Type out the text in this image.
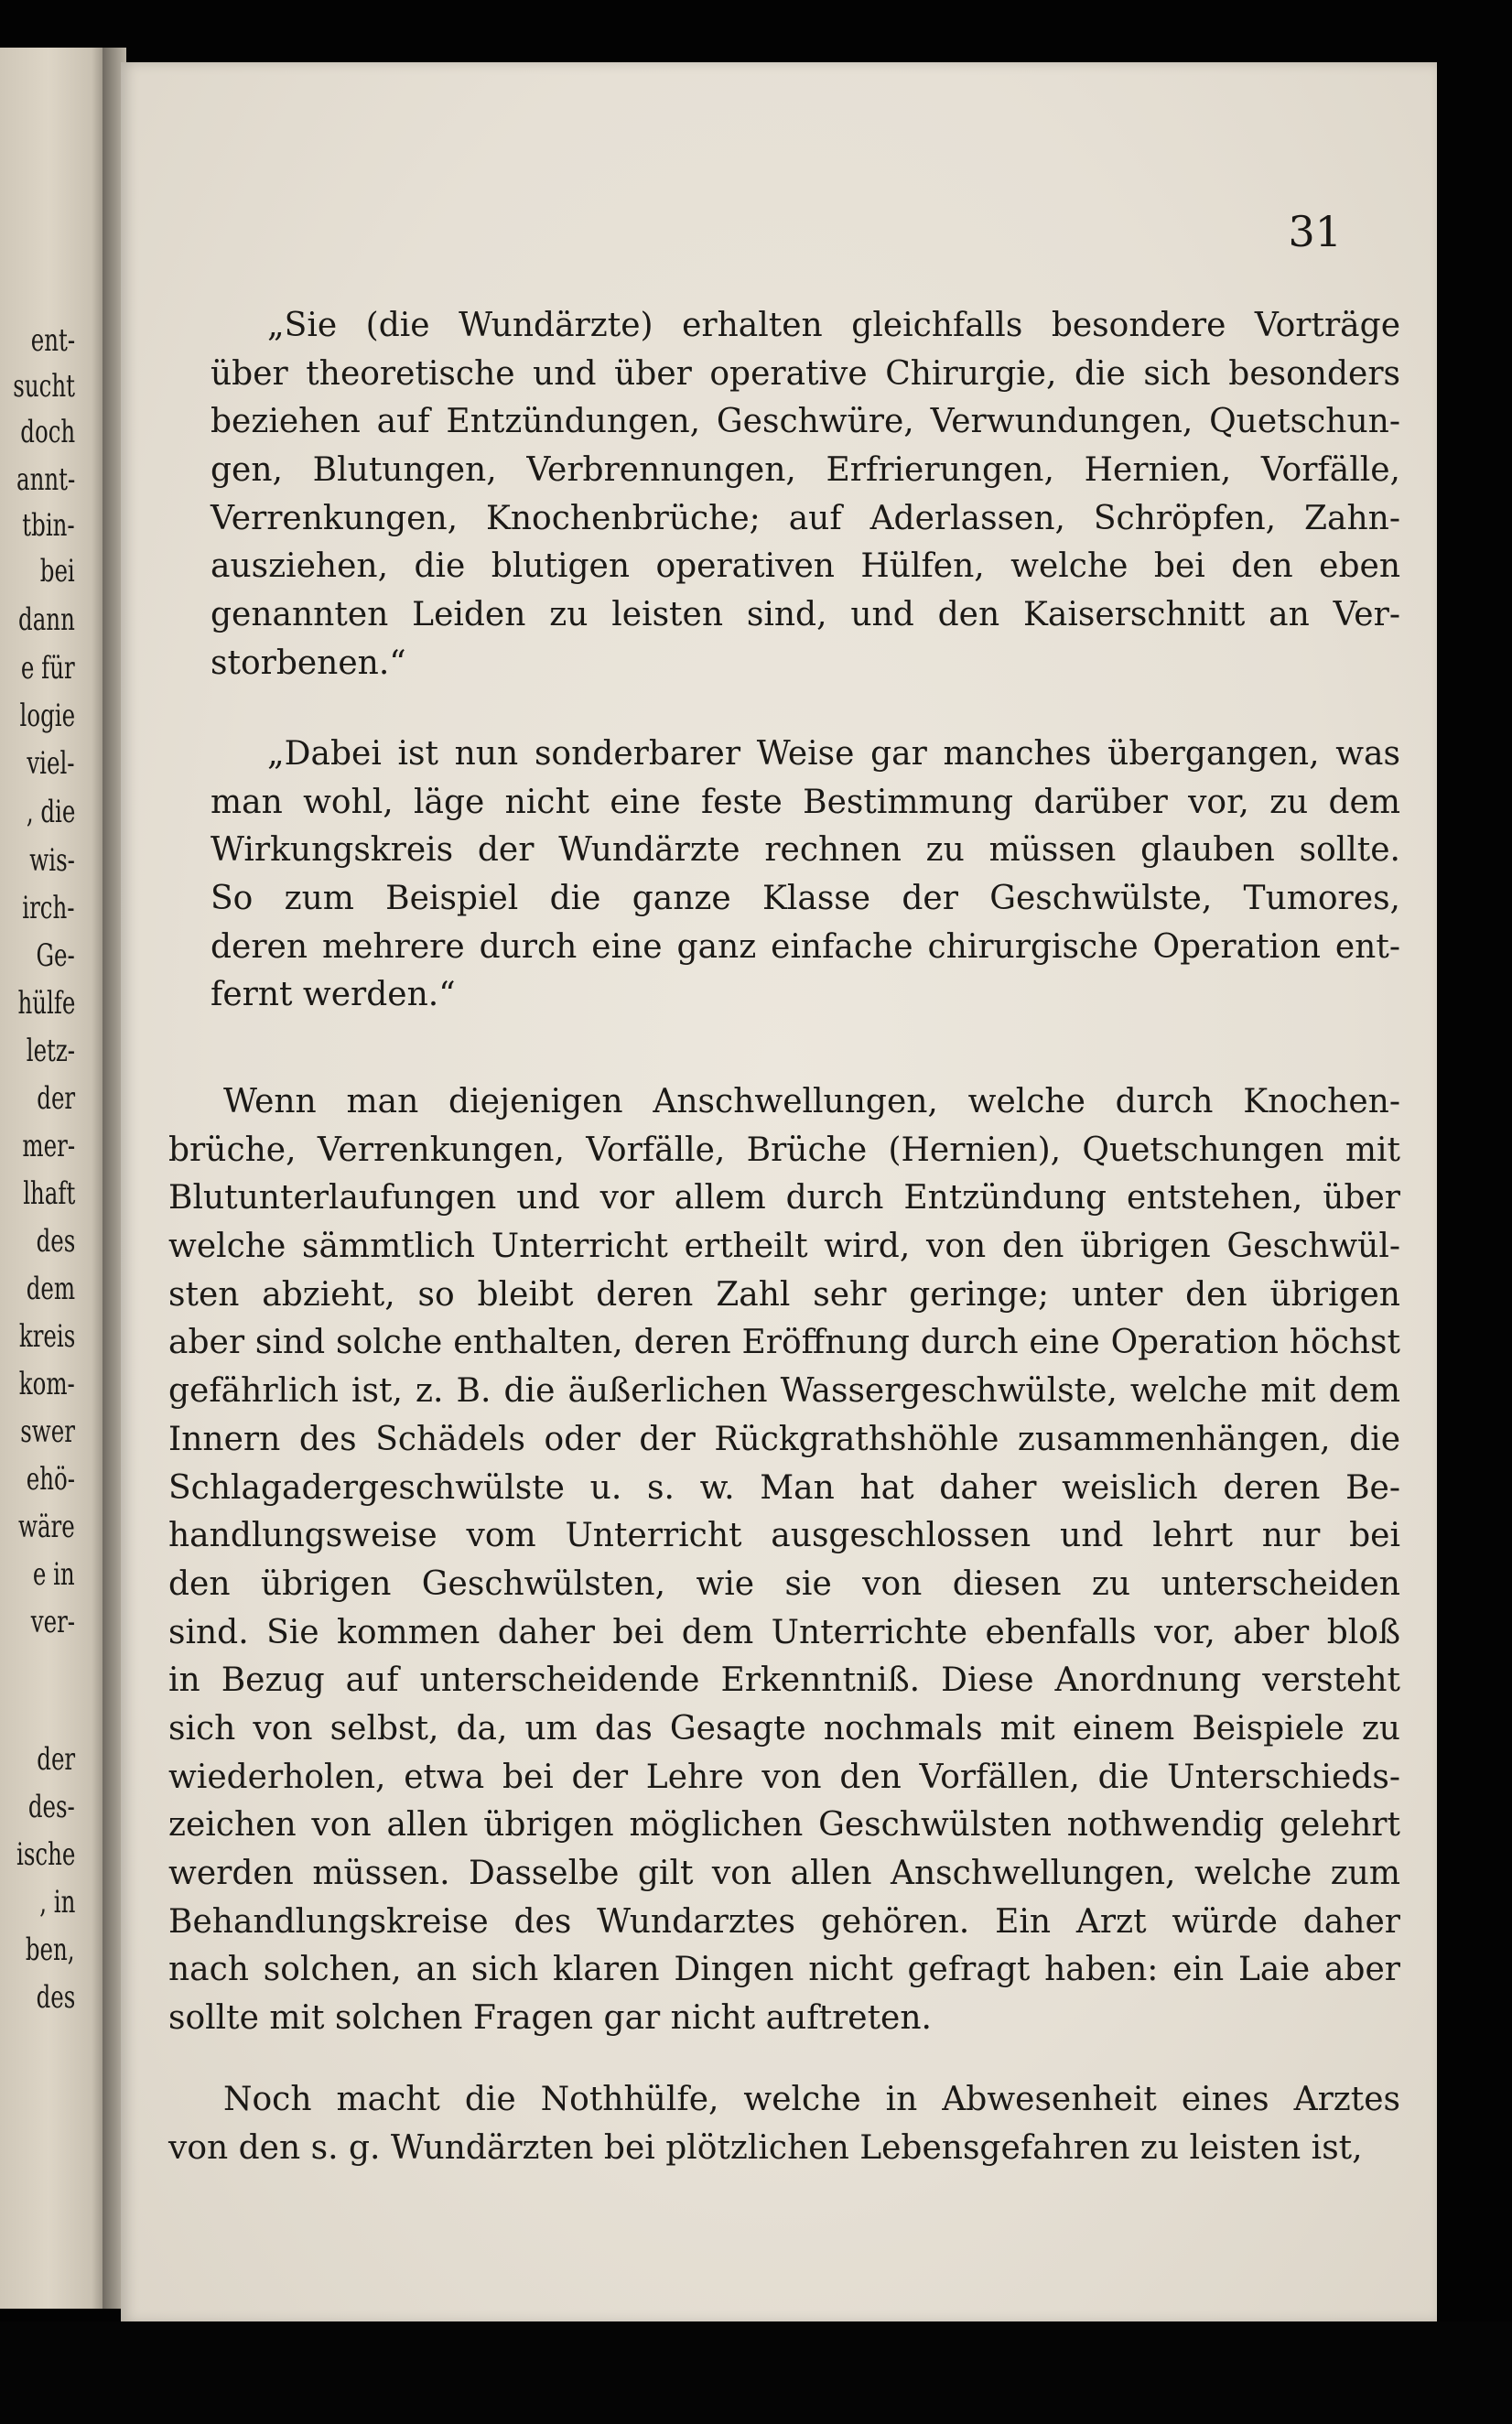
ent-
sucht
doch
annt-
tbin-
bei
dann
e für
logie
viel-
, die
wis-
irch-
Ge-
hülfe
letz-
der
mer-
lhaft
des
dem
kreis
kom-
swer
ehö-
wäre
e in
ver-
der
des-
ische
, in
ben,
des
31
„Sie (die Wundärzte) erhalten gleichfalls besondere Vorträge
über theoretische und über operative Chirurgie, die sich besonders
beziehen auf Entzündungen, Geschwüre, Verwundungen, Quetschun-
gen, Blutungen, Verbrennungen, Erfrierungen, Hernien, Vorfälle,
Verrenkungen, Knochenbrüche; auf Aderlassen, Schröpfen, Zahn-
ausziehen, die blutigen operativen Hülfen, welche bei den eben
genannten Leiden zu leisten sind, und den Kaiserschnitt an Ver-
storbenen.“
„Dabei ist nun sonderbarer Weise gar manches übergangen, was
man wohl, läge nicht eine feste Bestimmung darüber vor, zu dem
Wirkungskreis der Wundärzte rechnen zu müssen glauben sollte.
So zum Beispiel die ganze Klasse der Geschwülste, Tumores,
deren mehrere durch eine ganz einfache chirurgische Operation ent-
fernt werden.“
Wenn man diejenigen Anschwellungen, welche durch Knochen-
brüche, Verrenkungen, Vorfälle, Brüche (Hernien), Quetschungen mit
Blutunterlaufungen und vor allem durch Entzündung entstehen, über
welche sämmtlich Unterricht ertheilt wird, von den übrigen Geschwül-
sten abzieht, so bleibt deren Zahl sehr geringe; unter den übrigen
aber sind solche enthalten, deren Eröffnung durch eine Operation höchst
gefährlich ist, z. B. die äußerlichen Wassergeschwülste, welche mit dem
Innern des Schädels oder der Rückgrathshöhle zusammenhängen, die
Schlagadergeschwülste u. s. w. Man hat daher weislich deren Be-
handlungsweise vom Unterricht ausgeschlossen und lehrt nur bei
den übrigen Geschwülsten, wie sie von diesen zu unterscheiden
sind. Sie kommen daher bei dem Unterrichte ebenfalls vor, aber bloß
in Bezug auf unterscheidende Erkenntniß. Diese Anordnung versteht
sich von selbst, da, um das Gesagte nochmals mit einem Beispiele zu
wiederholen, etwa bei der Lehre von den Vorfällen, die Unterschieds-
zeichen von allen übrigen möglichen Geschwülsten nothwendig gelehrt
werden müssen. Dasselbe gilt von allen Anschwellungen, welche zum
Behandlungskreise des Wundarztes gehören. Ein Arzt würde daher
nach solchen, an sich klaren Dingen nicht gefragt haben: ein Laie aber
sollte mit solchen Fragen gar nicht auftreten.
Noch macht die Nothhülfe, welche in Abwesenheit eines Arztes
von den s. g. Wundärzten bei plötzlichen Lebensgefahren zu leisten ist,
